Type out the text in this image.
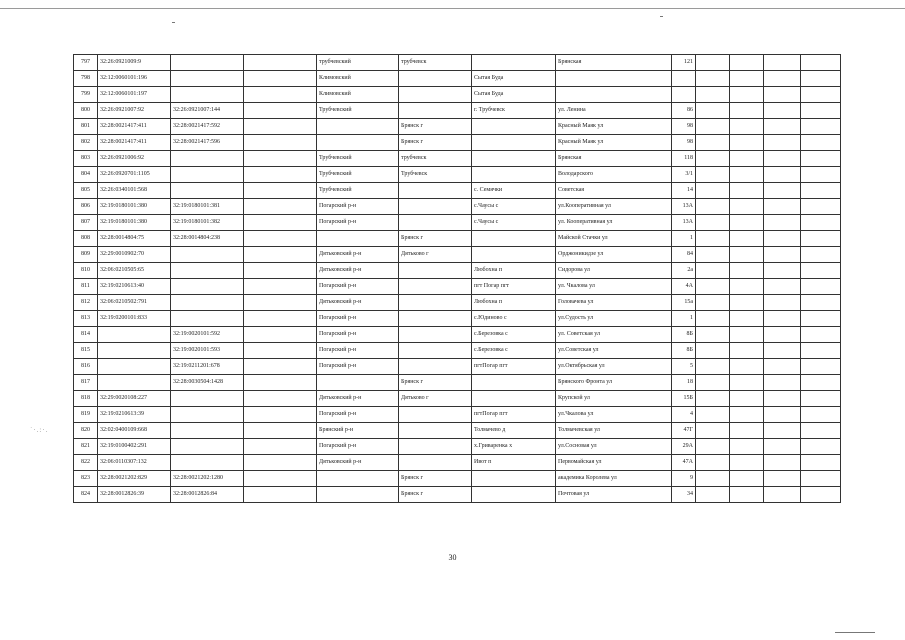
˙·.:·.
797	32:26:0921009:9			трубчевский	трубчевск		Брянская	121				
798	32:12:0060101:196			Климовский		Сытая Буда						
799	32:12:0060101:197			Климовский		Сытая Буда						
800	32:26:0921007:92	32:26:0921007:144		Трубчевский		г. Трубчевск	ул. Ленина	86				
801	32:28:0021417:411	32:28:0021417:592			Брянск г		Красный Маяк ул	98				
802	32:28:0021417:411	32:28:0021417:596			Брянск г		Красный Маяк ул	98				
803	32:26:0921006:92			Трубчевский	трубчевск		Брянская	118				
804	32:26:0920701:1105			Трубчевский	Трубчевск		Володарского	3/1				
805	32:26:0340101:568			Трубчевский		с. Семячки	Советская	14				
806	32:19:0180101:380	32:19:0180101:381		Погарский р-н		с.Чаусы с	ул.Кооперативная ул	13А				
807	32:19:0180101:380	32:19:0180101:382		Погарский р-н		с.Чаусы с	ул. Кооперативная ул	13А				
808	32:28:0014804:75	32:28:0014804:238			Брянск г		Майской Стачки ул	1				
809	32:29:0010902:70			Дятьковский р-н	Дятьково г		Орджоникидзе ул	84				
810	32:06:0210505:65			Дятьковский р-н		Любохна п	Сидорова ул	2а				
811	32:19:0210613:40			Погарский р-н		пгт Погар пгт	ул. Чкалова ул	4А				
812	32:06:0210502:791			Дятьковский р-н		Любохна п	Головачева ул	15а				
813	32:19:0200101:833			Погарский р-н		с.Юдиново с	ул.Судость ул	1				
814		32:19:0020101:592		Погарский р-н		с.Березовка с	ул. Советская ул	8Б				
815		32:19:0020101:593		Погарский р-н		с.Березовка с	ул.Советская ул	8Б				
816		32:19:0211201:678		Погарский р-н		пгтПогар пгт	ул.Октябрьская ул	5				
817		32:28:0030504:1428			Брянск г		Брянского Фронта ул	18				
818	32:29:0020108:227			Дятьковский р-н	Дятьково г		Крупской ул	15Б				
819	32:19:0210613:39			Погарский р-н		пгтПогар пгт	ул.Чкалова ул	4				
820	32:02:0400109:668			Брянский р-н		Толмачево д	Толмачевская ул	47Г				
821	32:19:0100402:291			Погарский р-н		х.Гриваренка х	ул.Сосновая ул	29А				
822	32:06:0110307:132			Дятьковский р-н		Ивот п	Первомайская ул	47А				
823	32:28:0021202:829	32:28:0021202:1280			Брянск г		академика Королева ул	9				
824	32:28:0012826:39	32:28:0012826:84			Брянск г		Почтовая ул	34				
30
